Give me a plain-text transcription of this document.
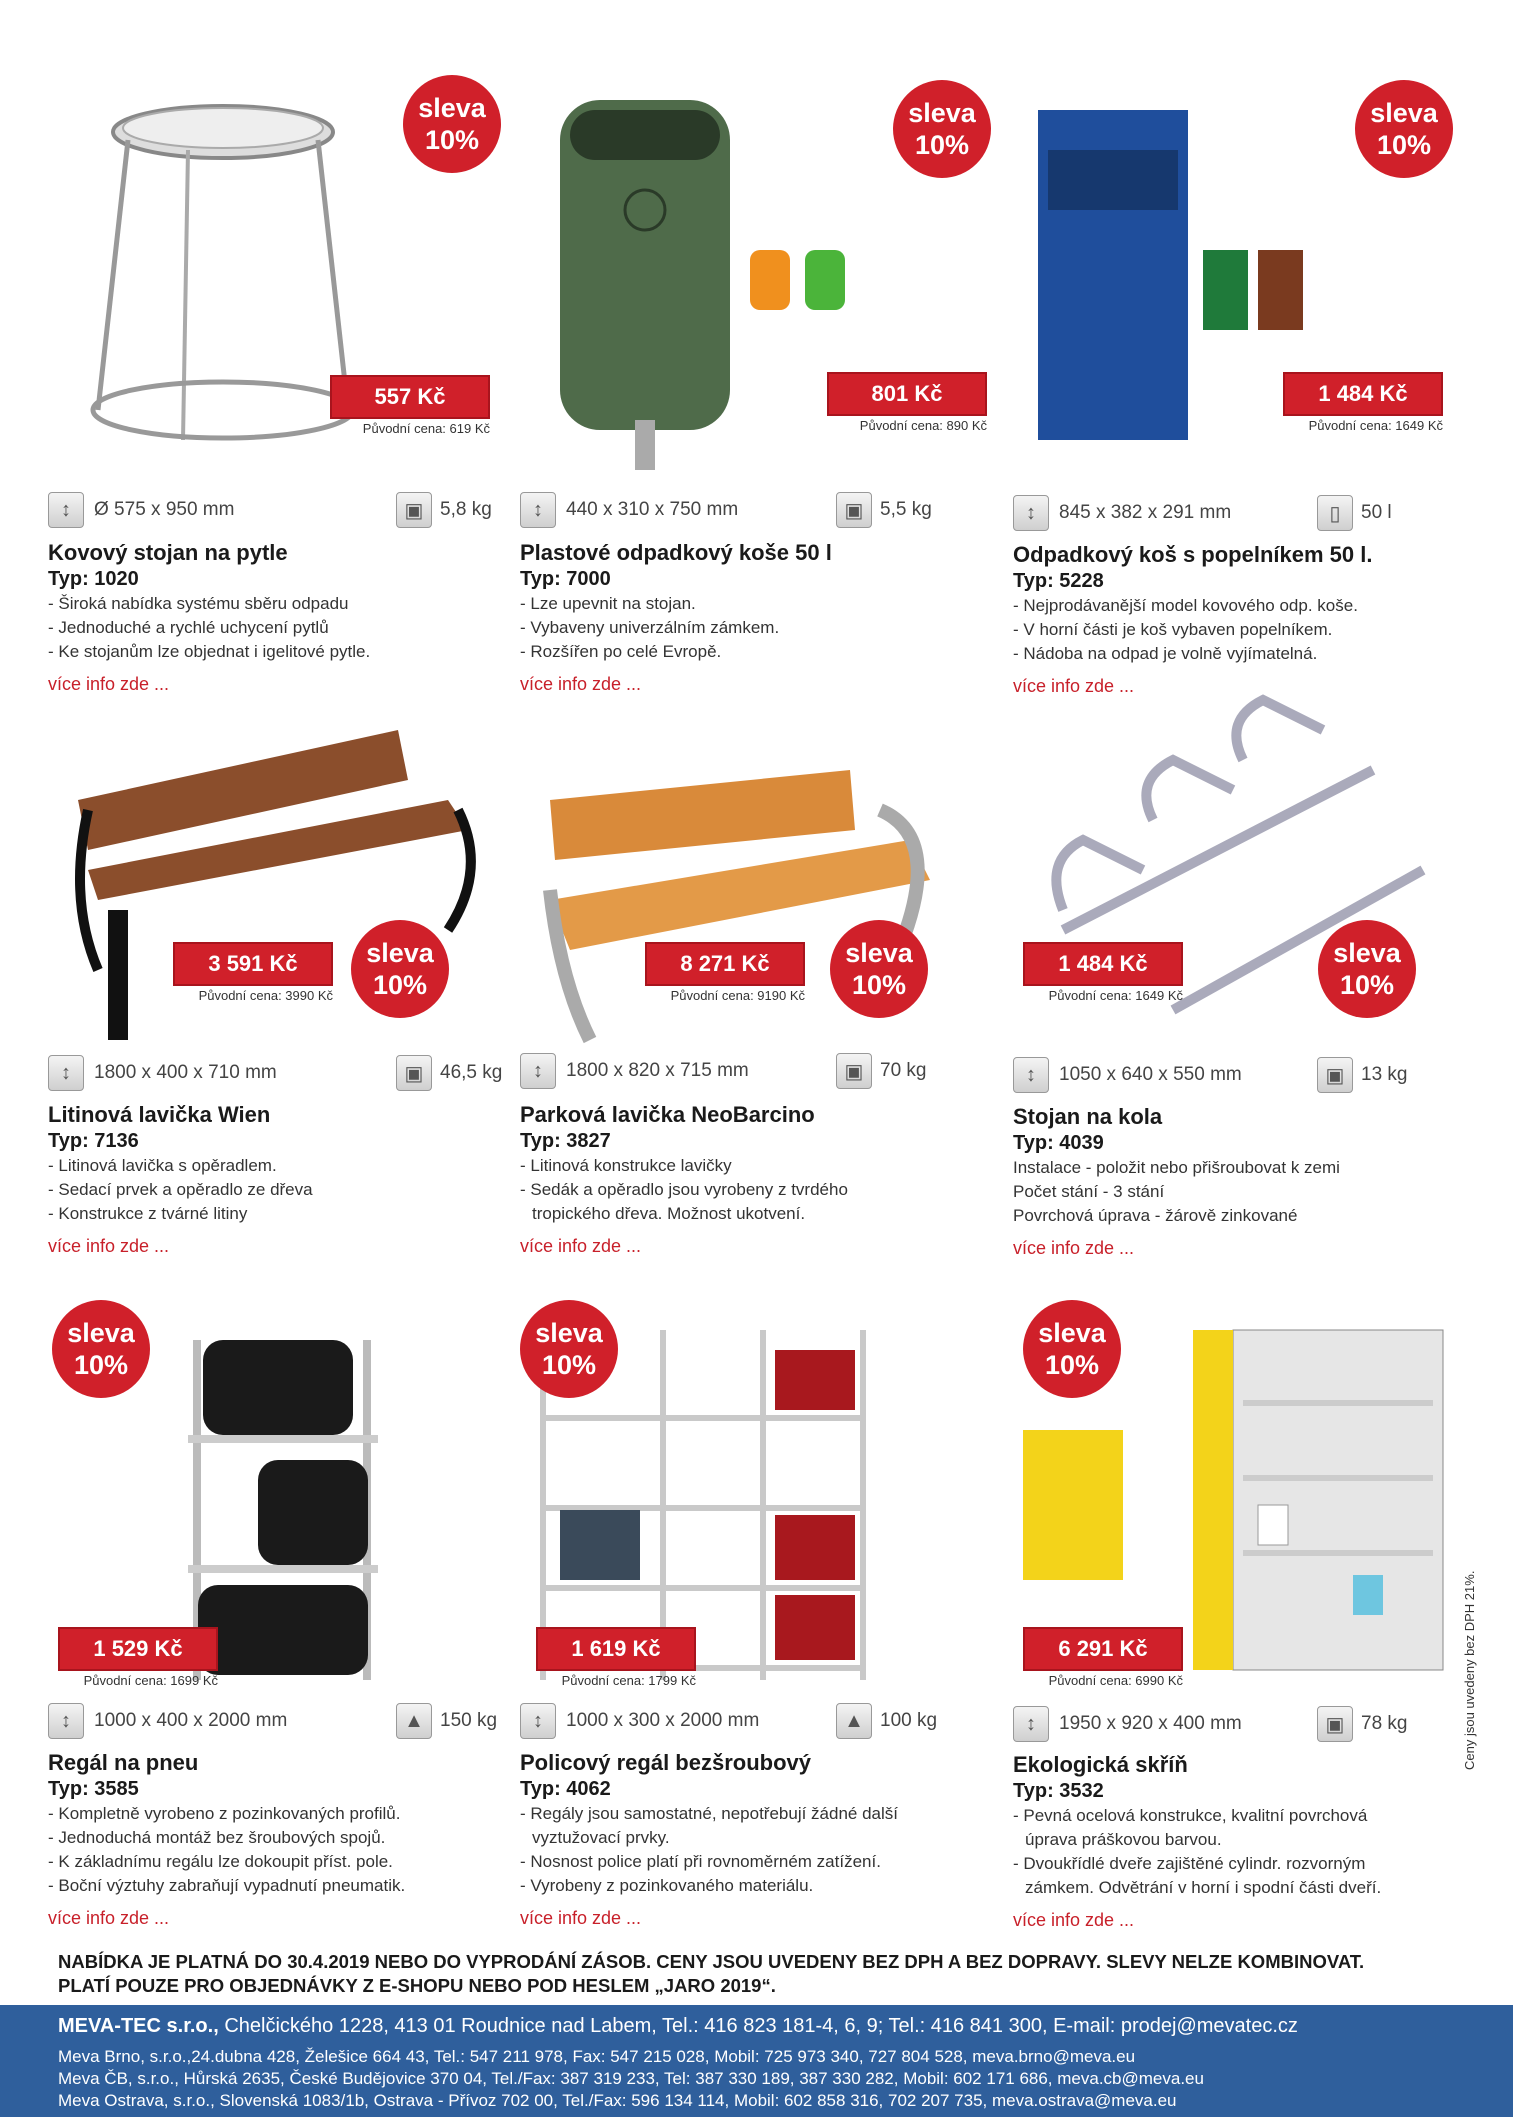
sleva
10%
557 Kč
Původní cena: 619 Kč
↕	Ø 575 x 950 mm	▣ 5,8 kg
Kovový stojan na pytle
Typ: 1020
- Široká nabídka systému sběru odpadu
- Jednoduché a rychlé uchycení pytlů
- Ke stojanům lze objednat i igelitové pytle.
více info zde ...
sleva
10%
801 Kč
Původní cena: 890 Kč
↕	440 x 310 x 750 mm	▣ 5,5 kg
Plastové odpadkový koše 50 l
Typ: 7000
- Lze upevnit na stojan.
- Vybaveny univerzálním zámkem.
- Rozšířen po celé Evropě.
více info zde ...
sleva
10%
1 484 Kč
Původní cena: 1649 Kč
↕	845 x 382 x 291 mm	▯	50 l
Odpadkový koš s popelníkem 50 l.
Typ: 5228
- Nejprodávanější model kovového odp. koše.
- V horní části je koš vybaven popelníkem.
- Nádoba na odpad je volně vyjímatelná.
více info zde ...
3 591 Kč
Původní cena: 3990 Kč
sleva
10%
↕	1800 x 400 x 710 mm	▣ 46,5 kg
Litinová lavička Wien
Typ: 7136
- Litinová lavička s opěradlem.
- Sedací prvek a opěradlo ze dřeva
- Konstrukce z tvárné litiny
více info zde ...
8 271 Kč
Původní cena: 9190 Kč
sleva
10%
↕	1800 x 820 x 715 mm	▣ 70 kg
Parková lavička NeoBarcino
Typ: 3827
- Litinová konstrukce lavičky
- Sedák a opěradlo jsou vyrobeny z tvrdého
tropického dřeva. Možnost ukotvení.
více info zde ...
1 484 Kč
Původní cena: 1649 Kč
sleva
10%
↕	1050 x 640 x 550 mm	▣ 13 kg
Stojan na kola
Typ: 4039
Instalace - položit nebo přišroubovat k zemi
Počet stání - 3 stání
Povrchová úprava - žárově zinkované
více info zde ...
sleva
10%
1 529 Kč
Původní cena: 1699 Kč
↕	1000 x 400 x 2000 mm	▲ 150 kg
Regál na pneu
Typ: 3585
- Kompletně vyrobeno z pozinkovaných profilů.
- Jednoduchá montáž bez šroubových spojů.
- K základnímu regálu lze dokoupit příst. pole.
- Boční výztuhy zabraňují vypadnutí pneumatik.
více info zde ...
sleva
10%
1 619 Kč
Původní cena: 1799 Kč
↕	1000 x 300 x 2000 mm	▲ 100 kg
Policový regál bezšroubový
Typ: 4062
- Regály jsou samostatné, nepotřebují žádné další
vyztužovací prvky.
- Nosnost police platí při rovnoměrném zatížení.
- Vyrobeny z pozinkovaného materiálu.
více info zde ...
sleva
10%
6 291 Kč
Původní cena: 6990 Kč
↕	1950 x 920 x 400 mm	▣ 78 kg
Ekologická skříň
Typ: 3532
- Pevná ocelová konstrukce, kvalitní povrchová
úprava práškovou barvou.
- Dvoukřídlé dveře zajištěné cylindr. rozvorným
zámkem. Odvětrání v horní i spodní části dveří.
více info zde ...
NABÍDKA JE PLATNÁ DO 30.4.2019 NEBO DO VYPRODÁNÍ ZÁSOB. CENY JSOU UVEDENY BEZ DPH A BEZ DOPRAVY. SLEVY NELZE KOMBINOVAT.
PLATÍ POUZE PRO OBJEDNÁVKY Z E-SHOPU NEBO POD HESLEM „JARO 2019“.
Ceny jsou uvedeny bez DPH 21%.
MEVA-TEC s.r.o., Chelčického 1228, 413 01 Roudnice nad Labem, Tel.: 416 823 181-4, 6, 9; Tel.: 416 841 300, E-mail: prodej@mevatec.cz
Meva Brno, s.r.o.,24.dubna 428, Želešice 664 43, Tel.: 547 211 978, Fax: 547 215 028, Mobil: 725 973 340, 727 804 528, meva.brno@meva.eu
Meva ČB, s.r.o., Hůrská 2635, České Budějovice 370 04, Tel./Fax: 387 319 233, Tel: 387 330 189, 387 330 282, Mobil: 602 171 686, meva.cb@meva.eu
Meva Ostrava, s.r.o., Slovenská 1083/1b, Ostrava - Přívoz 702 00, Tel./Fax: 596 134 114, Mobil: 602 858 316, 702 207 735, meva.ostrava@meva.eu
